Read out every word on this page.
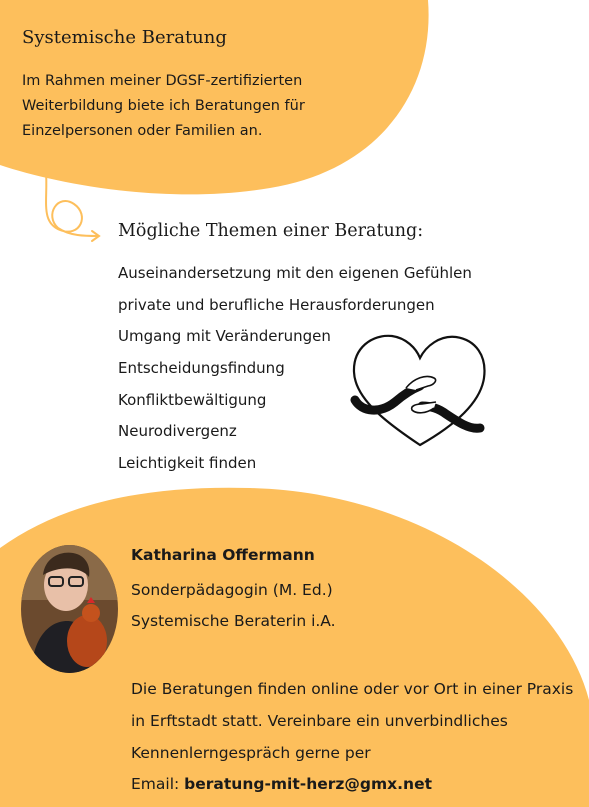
Systemische Beratung
Im Rahmen meiner DGSF-zertifizierten Weiterbildung biete ich Beratungen für Einzelpersonen oder Familien an.
Mögliche Themen einer Beratung:
Auseinandersetzung mit den eigenen Gefühlen
private und berufliche Herausforderungen
Umgang mit Veränderungen
Entscheidungsfindung
Konfliktbewältigung
Neurodivergenz
Leichtigkeit finden
Katharina Offermann
Sonderpädagogin (M. Ed.)
Systemische Beraterin i.A.
Die Beratungen finden online oder vor Ort in einer Praxis in Erftstadt statt. Vereinbare ein unverbindliches Kennenlerngespräch gerne per
Email: beratung-mit-herz@gmx.net
